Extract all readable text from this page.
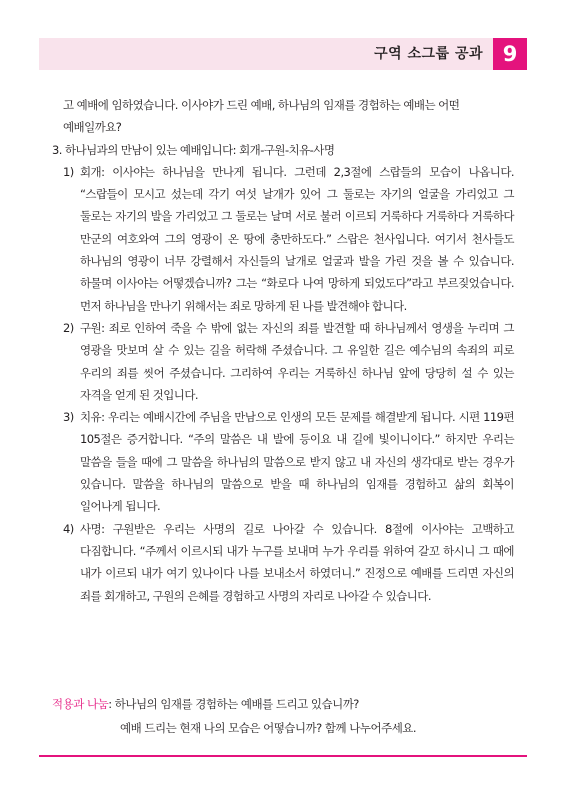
구역 소그룹 공과 9
고 예배에 임하였습니다. 이사야가 드린 예배, 하나님의 임재를 경험하는 예배는 어떤 예배일까요?
3. 하나님과의 만남이 있는 예배입니다: 회개-구원-치유-사명
1) 회개: 이사야는 하나님을 만나게 됩니다. 그런데 2,3절에 스랍들의 모습이 나옵니다. “스랍들이 모시고 섰는데 각기 여섯 날개가 있어 그 둘로는 자기의 얼굴을 가리었고 그 둘로는 자기의 발을 가리었고 그 둘로는 날며 서로 불러 이르되 거룩하다 거룩하다 거룩하다 만군의 여호와여 그의 영광이 온 땅에 충만하도다.” 스랍은 천사입니다. 여기서 천사들도 하나님의 영광이 너무 강렬해서 자신들의 날개로 얼굴과 발을 가린 것을 볼 수 있습니다. 하물며 이사야는 어떻겠습니까? 그는 “화로다 나여 망하게 되었도다”라고 부르짖었습니다. 먼저 하나님을 만나기 위해서는 죄로 망하게 된 나를 발견해야 합니다.
2) 구원: 죄로 인하여 죽을 수 밖에 없는 자신의 죄를 발견할 때 하나님께서 영생을 누리며 그 영광을 맛보며 살 수 있는 길을 허락해 주셨습니다. 그 유일한 길은 예수님의 속죄의 피로 우리의 죄를 씻어 주셨습니다. 그리하여 우리는 거룩하신 하나님 앞에 당당히 설 수 있는 자격을 얻게 된 것입니다.
3) 치유: 우리는 예배시간에 주님을 만남으로 인생의 모든 문제를 해결받게 됩니다. 시편 119편 105절은 증거합니다. “주의 말씀은 내 발에 등이요 내 길에 빛이니이다.” 하지만 우리는 말씀을 들을 때에 그 말씀을 하나님의 말씀으로 받지 않고 내 자신의 생각대로 받는 경우가 있습니다. 말씀을 하나님의 말씀으로 받을 때 하나님의 임재를 경험하고 삶의 회복이 일어나게 됩니다.
4) 사명: 구원받은 우리는 사명의 길로 나아갈 수 있습니다. 8절에 이사야는 고백하고 다짐합니다. “주께서 이르시되 내가 누구를 보내며 누가 우리를 위하여 갈꼬 하시니 그 때에 내가 이르되 내가 여기 있나이다 나를 보내소서 하였더니.” 진정으로 예배를 드리면 자신의 죄를 회개하고, 구원의 은혜를 경험하고 사명의 자리로 나아갈 수 있습니다.
적용과 나눔: 하나님의 임재를 경험하는 예배를 드리고 있습니까?
예배 드리는 현재 나의 모습은 어떻습니까? 함께 나누어주세요.
